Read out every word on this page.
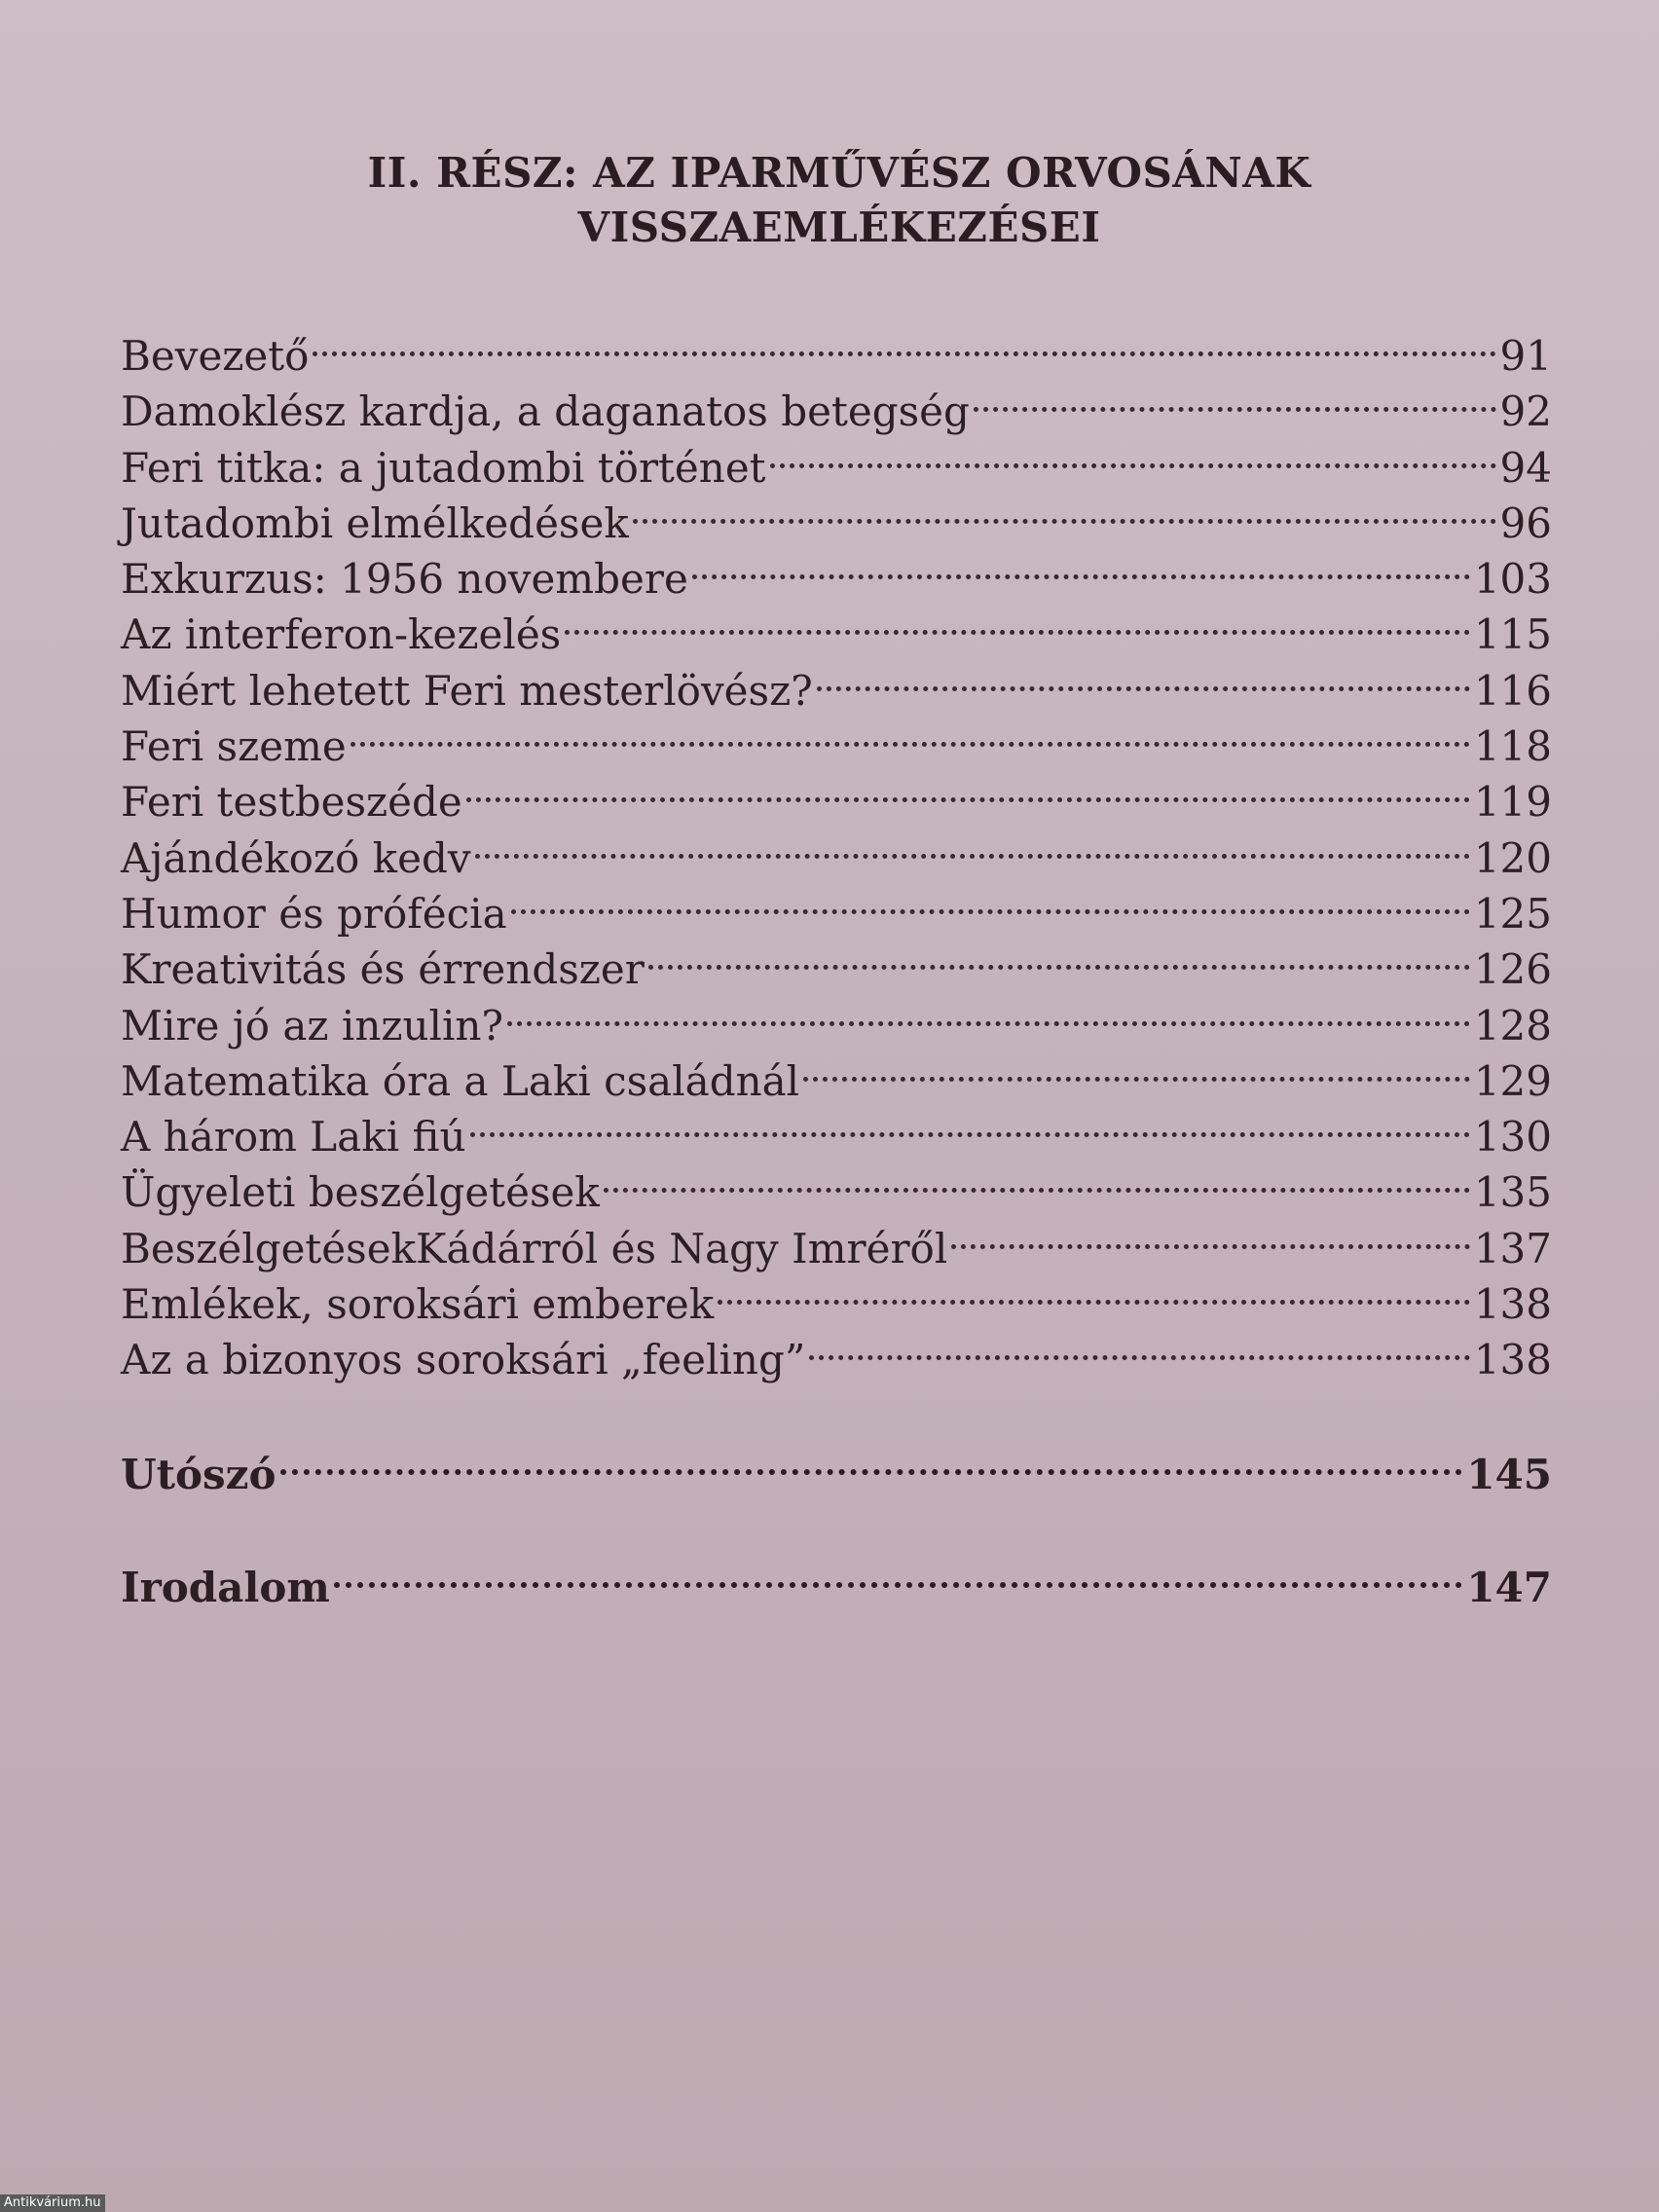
II. RÉSZ: AZ IPARMŰVÉSZ ORVOSÁNAK
VISSZAEMLÉKEZÉSEI
Bevezető	91
Damoklész kardja, a daganatos betegség	92
Feri titka: a jutadombi történet	94
Jutadombi elmélkedések	96
Exkurzus: 1956 novembere	103
Az interferon-kezelés	115
Miért lehetett Feri mesterlövész?	116
Feri szeme	118
Feri testbeszéde	119
Ajándékozó kedv	120
Humor és prófécia	125
Kreativitás és érrendszer	126
Mire jó az inzulin?	128
Matematika óra a Laki családnál	129
A három Laki fiú	130
Ügyeleti beszélgetések	135
BeszélgetésekKádárról és Nagy Imréről	137
Emlékek, soroksári emberek	138
Az a bizonyos soroksári „feeling”	138
Utószó	145
Irodalom	147
Antikvárium.hu
